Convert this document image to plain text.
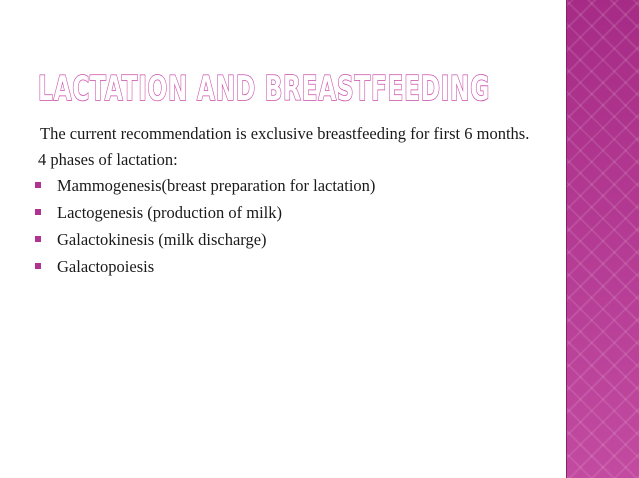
LACTATION AND BREASTFEEDING

The current recommendation is exclusive breastfeeding for first 6 months.

4 phases of lactation:

Mammogenesis(breast preparation for lactation)
Lactogenesis (production of milk)
Galactokinesis (milk discharge)
Galactopoiesis
